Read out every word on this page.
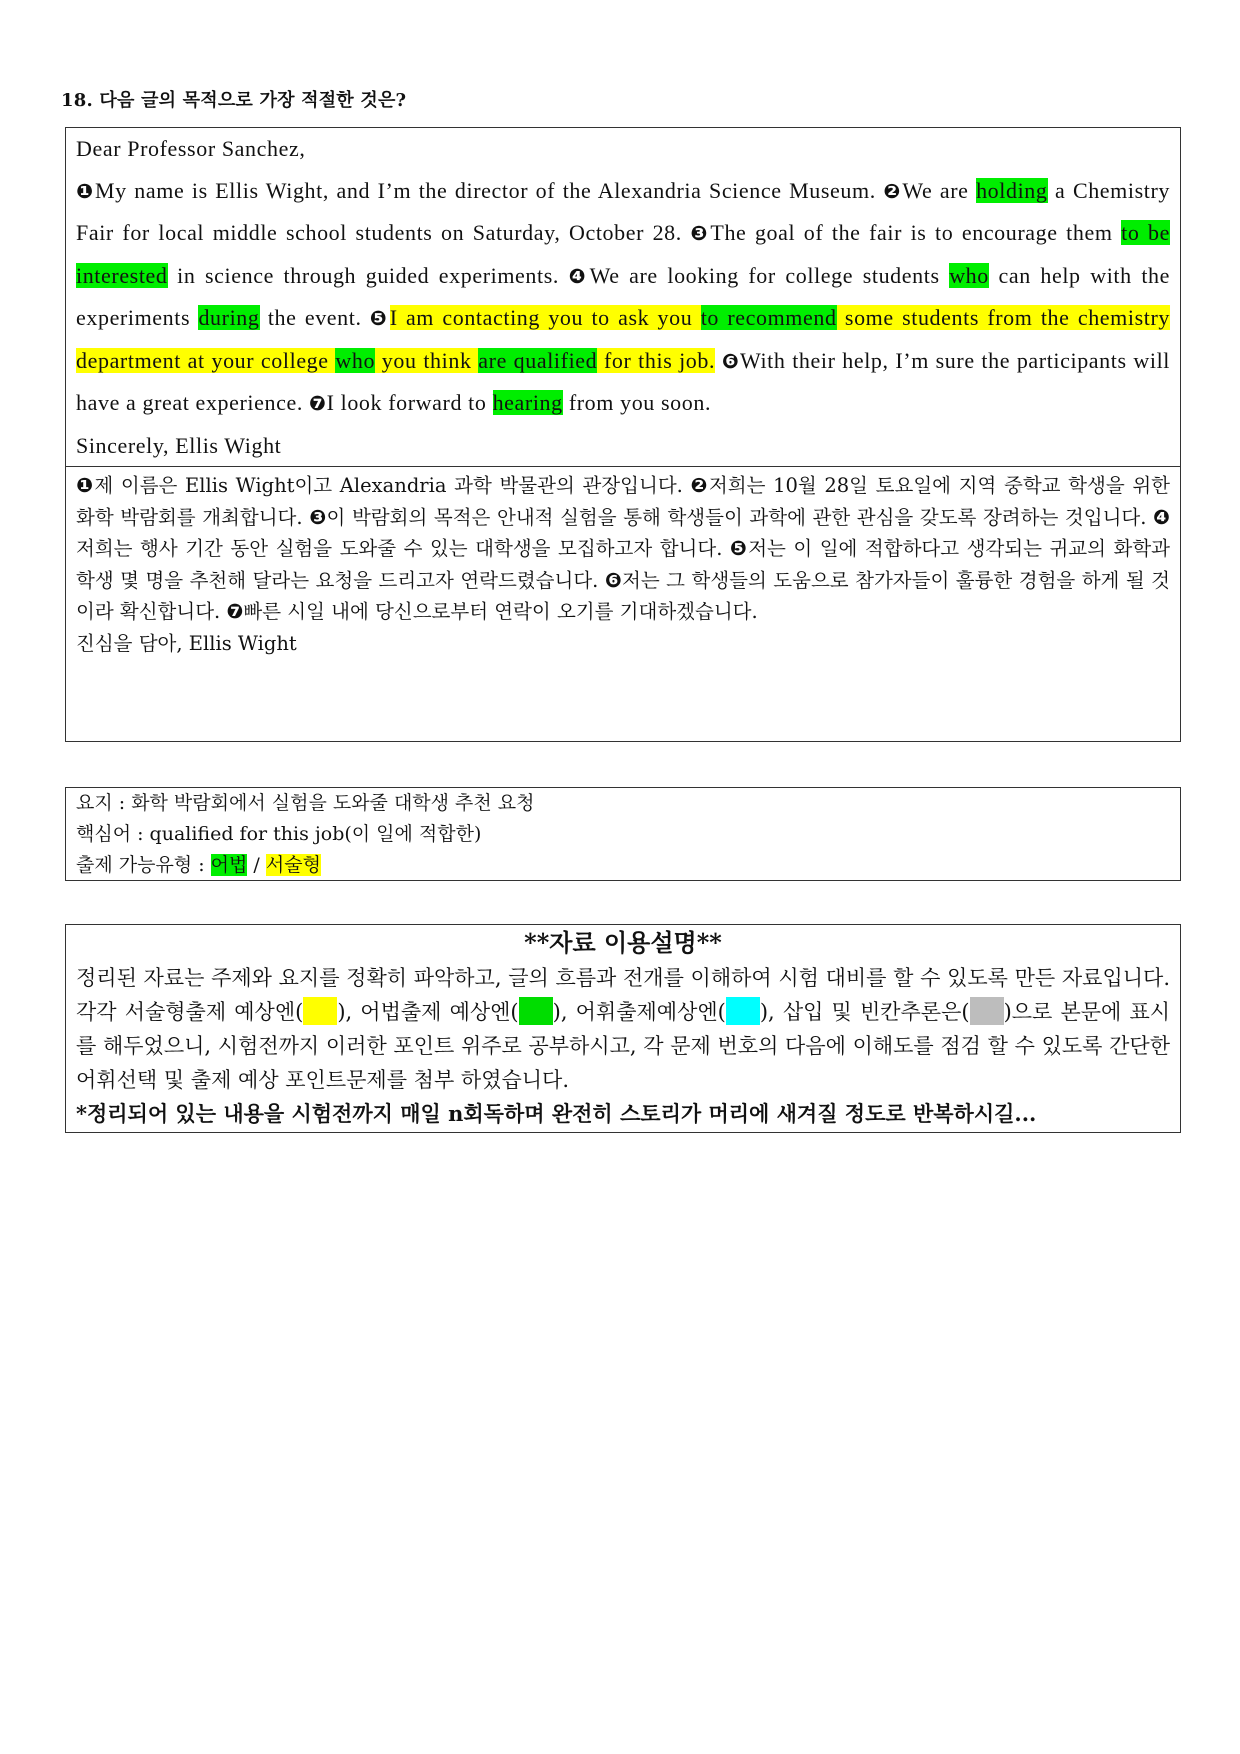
18. 다음 글의 목적으로 가장 적절한 것은?
Dear Professor Sanchez,
❶My name is Ellis Wight, and I’m the director of the Alexandria Science Museum. ❷We are holding a Chemistry Fair for local middle school students on Saturday, October 28. ❸The goal of the fair is to encourage them to be interested in science through guided experiments. ❹We are looking for college students who can help with the experiments during the event. ❺I am contacting you to ask you to recommend some students from the chemistry department at your college who you think are qualified for this job. ❻With their help, I’m sure the participants will have a great experience. ❼I look forward to hearing from you soon.
Sincerely, Ellis Wight
❶제 이름은 Ellis Wight이고 Alexandria 과학 박물관의 관장입니다. ❷저희는 10월 28일 토요일에 지역 중학교 학생을 위한 화학 박람회를 개최합니다. ❸이 박람회의 목적은 안내적 실험을 통해 학생들이 과학에 관한 관심을 갖도록 장려하는 것입니다. ❹저희는 행사 기간 동안 실험을 도와줄 수 있는 대학생을 모집하고자 합니다. ❺저는 이 일에 적합하다고 생각되는 귀교의 화학과 학생 몇 명을 추천해 달라는 요청을 드리고자 연락드렸습니다. ❻저는 그 학생들의 도움으로 참가자들이 훌륭한 경험을 하게 될 것이라 확신합니다. ❼빠른 시일 내에 당신으로부터 연락이 오기를 기대하겠습니다.
진심을 담아, Ellis Wight
요지 : 화학 박람회에서 실험을 도와줄 대학생 추천 요청
핵심어 : qualified for this job(이 일에 적합한)
출제 가능유형 : 어법 / 서술형
**자료 이용설명**
정리된 자료는 주제와 요지를 정확히 파악하고, 글의 흐름과 전개를 이해하여 시험 대비를 할 수 있도록 만든 자료입니다. 각각 서술형출제 예상엔( ), 어법출제 예상엔( ), 어휘출제예상엔( ), 삽입 및 빈칸추론은( )으로 본문에 표시를 해두었으니, 시험전까지 이러한 포인트 위주로 공부하시고, 각 문제 번호의 다음에 이해도를 점검 할 수 있도록 간단한 어휘선택 및 출제 예상 포인트문제를 첨부 하였습니다.
*정리되어 있는 내용을 시험전까지 매일 n회독하며 완전히 스토리가 머리에 새겨질 정도로 반복하시길...
